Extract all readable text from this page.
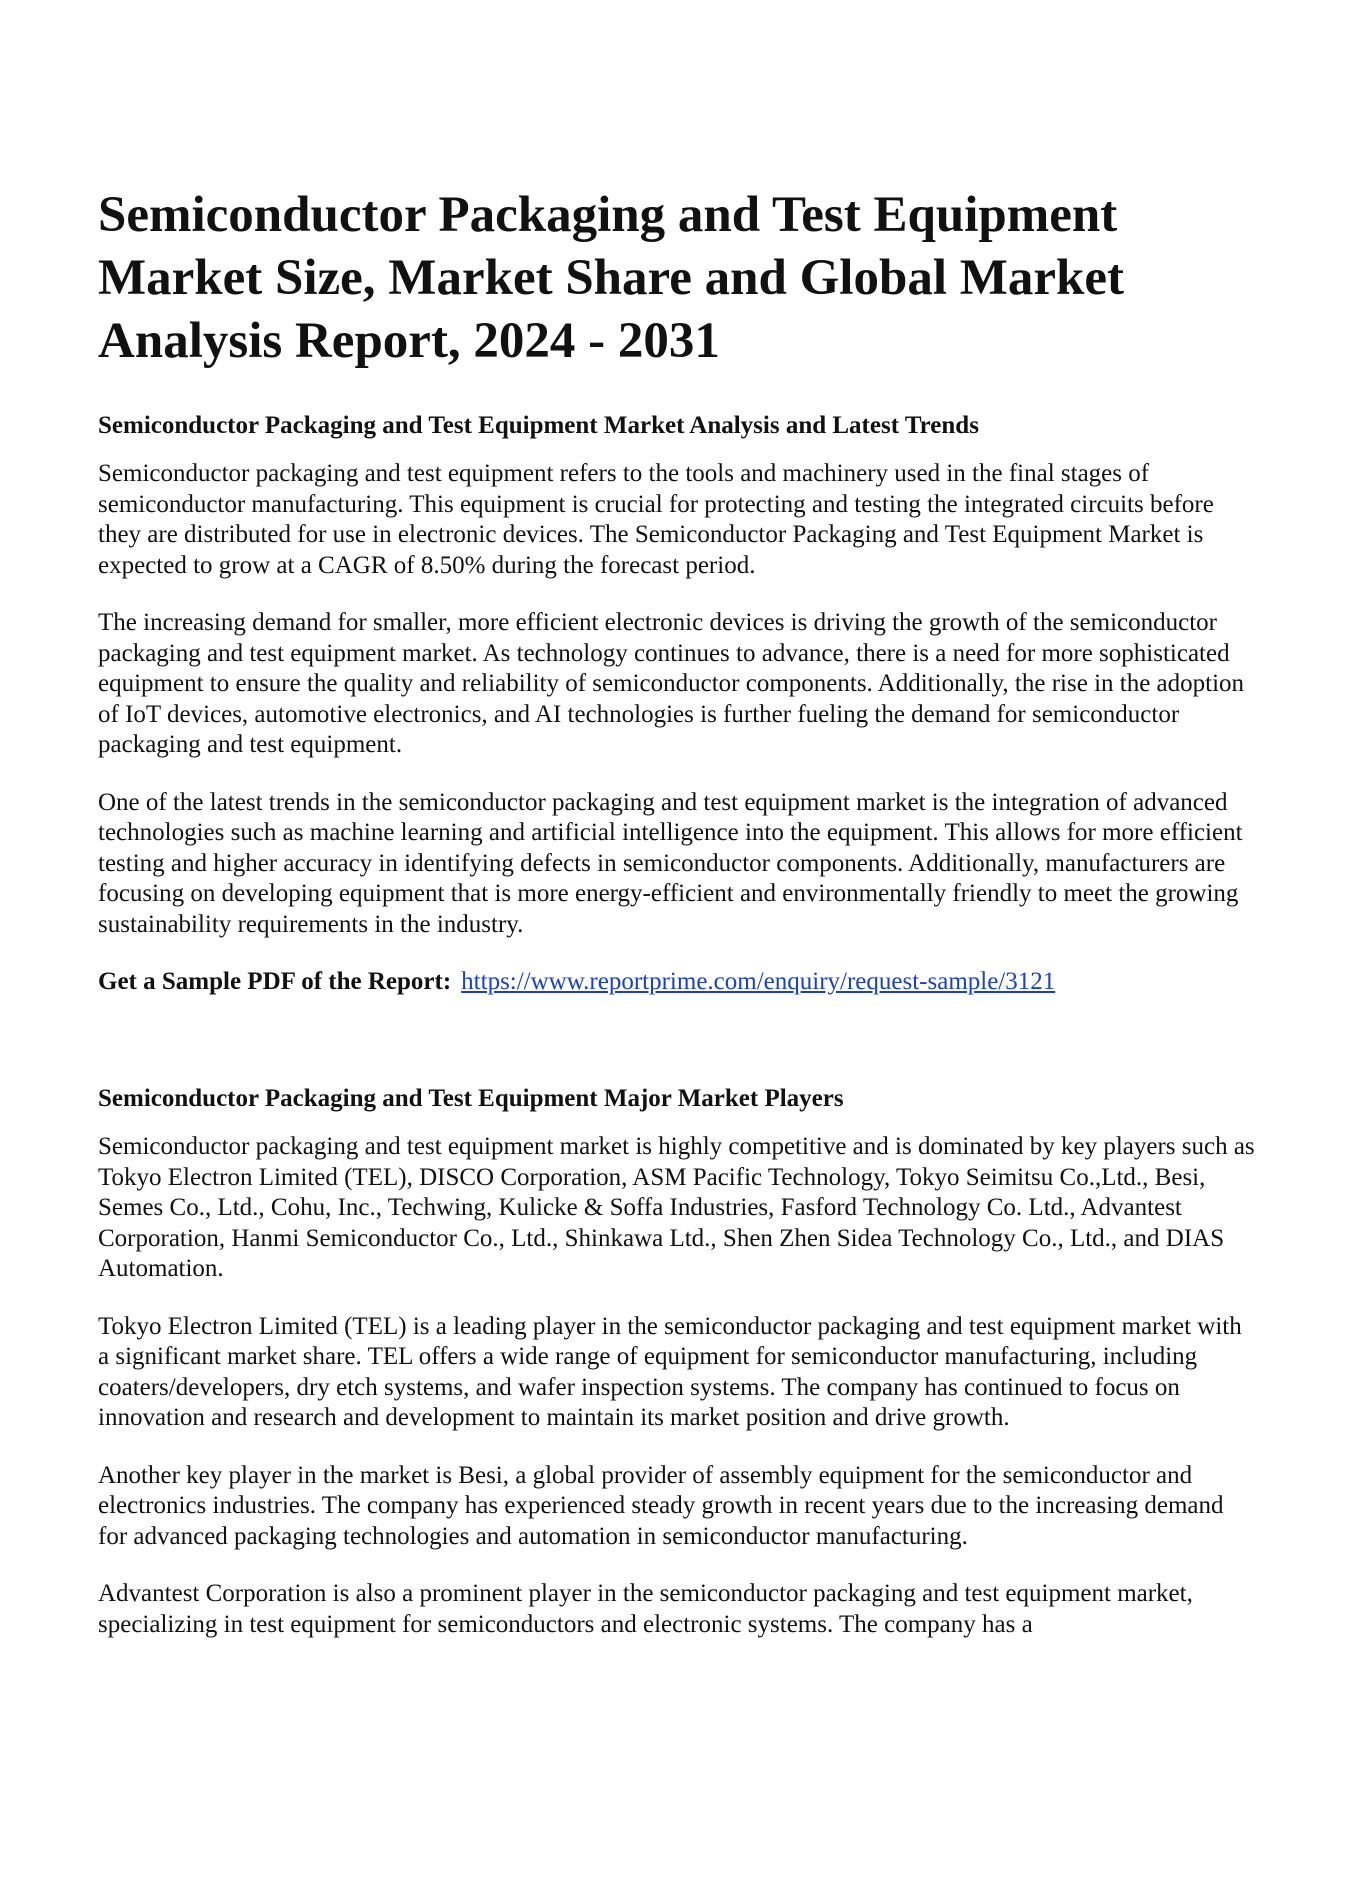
Semiconductor Packaging and Test Equipment Market Size, Market Share and Global Market Analysis Report, 2024 - 2031
Semiconductor Packaging and Test Equipment Market Analysis and Latest Trends

Semiconductor packaging and test equipment refers to the tools and machinery used in the final stages of semiconductor manufacturing. This equipment is crucial for protecting and testing the integrated circuits before they are distributed for use in electronic devices. The Semiconductor Packaging and Test Equipment Market is expected to grow at a CAGR of 8.50% during the forecast period.

The increasing demand for smaller, more efficient electronic devices is driving the growth of the semiconductor packaging and test equipment market. As technology continues to advance, there is a need for more sophisticated equipment to ensure the quality and reliability of semiconductor components. Additionally, the rise in the adoption of IoT devices, automotive electronics, and AI technologies is further fueling the demand for semiconductor packaging and test equipment.

One of the latest trends in the semiconductor packaging and test equipment market is the integration of advanced technologies such as machine learning and artificial intelligence into the equipment. This allows for more efficient testing and higher accuracy in identifying defects in semiconductor components. Additionally, manufacturers are focusing on developing equipment that is more energy-efficient and environmentally friendly to meet the growing sustainability requirements in the industry.

Get a Sample PDF of the Report: https://www.reportprime.com/enquiry/request-sample/3121
Semiconductor Packaging and Test Equipment Major Market Players

Semiconductor packaging and test equipment market is highly competitive and is dominated by key players such as Tokyo Electron Limited (TEL), DISCO Corporation, ASM Pacific Technology, Tokyo Seimitsu Co.,Ltd., Besi, Semes Co., Ltd., Cohu, Inc., Techwing, Kulicke & Soffa Industries, Fasford Technology Co. Ltd., Advantest Corporation, Hanmi Semiconductor Co., Ltd., Shinkawa Ltd., Shen Zhen Sidea Technology Co., Ltd., and DIAS Automation.

Tokyo Electron Limited (TEL) is a leading player in the semiconductor packaging and test equipment market with a significant market share. TEL offers a wide range of equipment for semiconductor manufacturing, including coaters/developers, dry etch systems, and wafer inspection systems. The company has continued to focus on innovation and research and development to maintain its market position and drive growth.

Another key player in the market is Besi, a global provider of assembly equipment for the semiconductor and electronics industries. The company has experienced steady growth in recent years due to the increasing demand for advanced packaging technologies and automation in semiconductor manufacturing.

Advantest Corporation is also a prominent player in the semiconductor packaging and test equipment market, specializing in test equipment for semiconductors and electronic systems. The company has a
